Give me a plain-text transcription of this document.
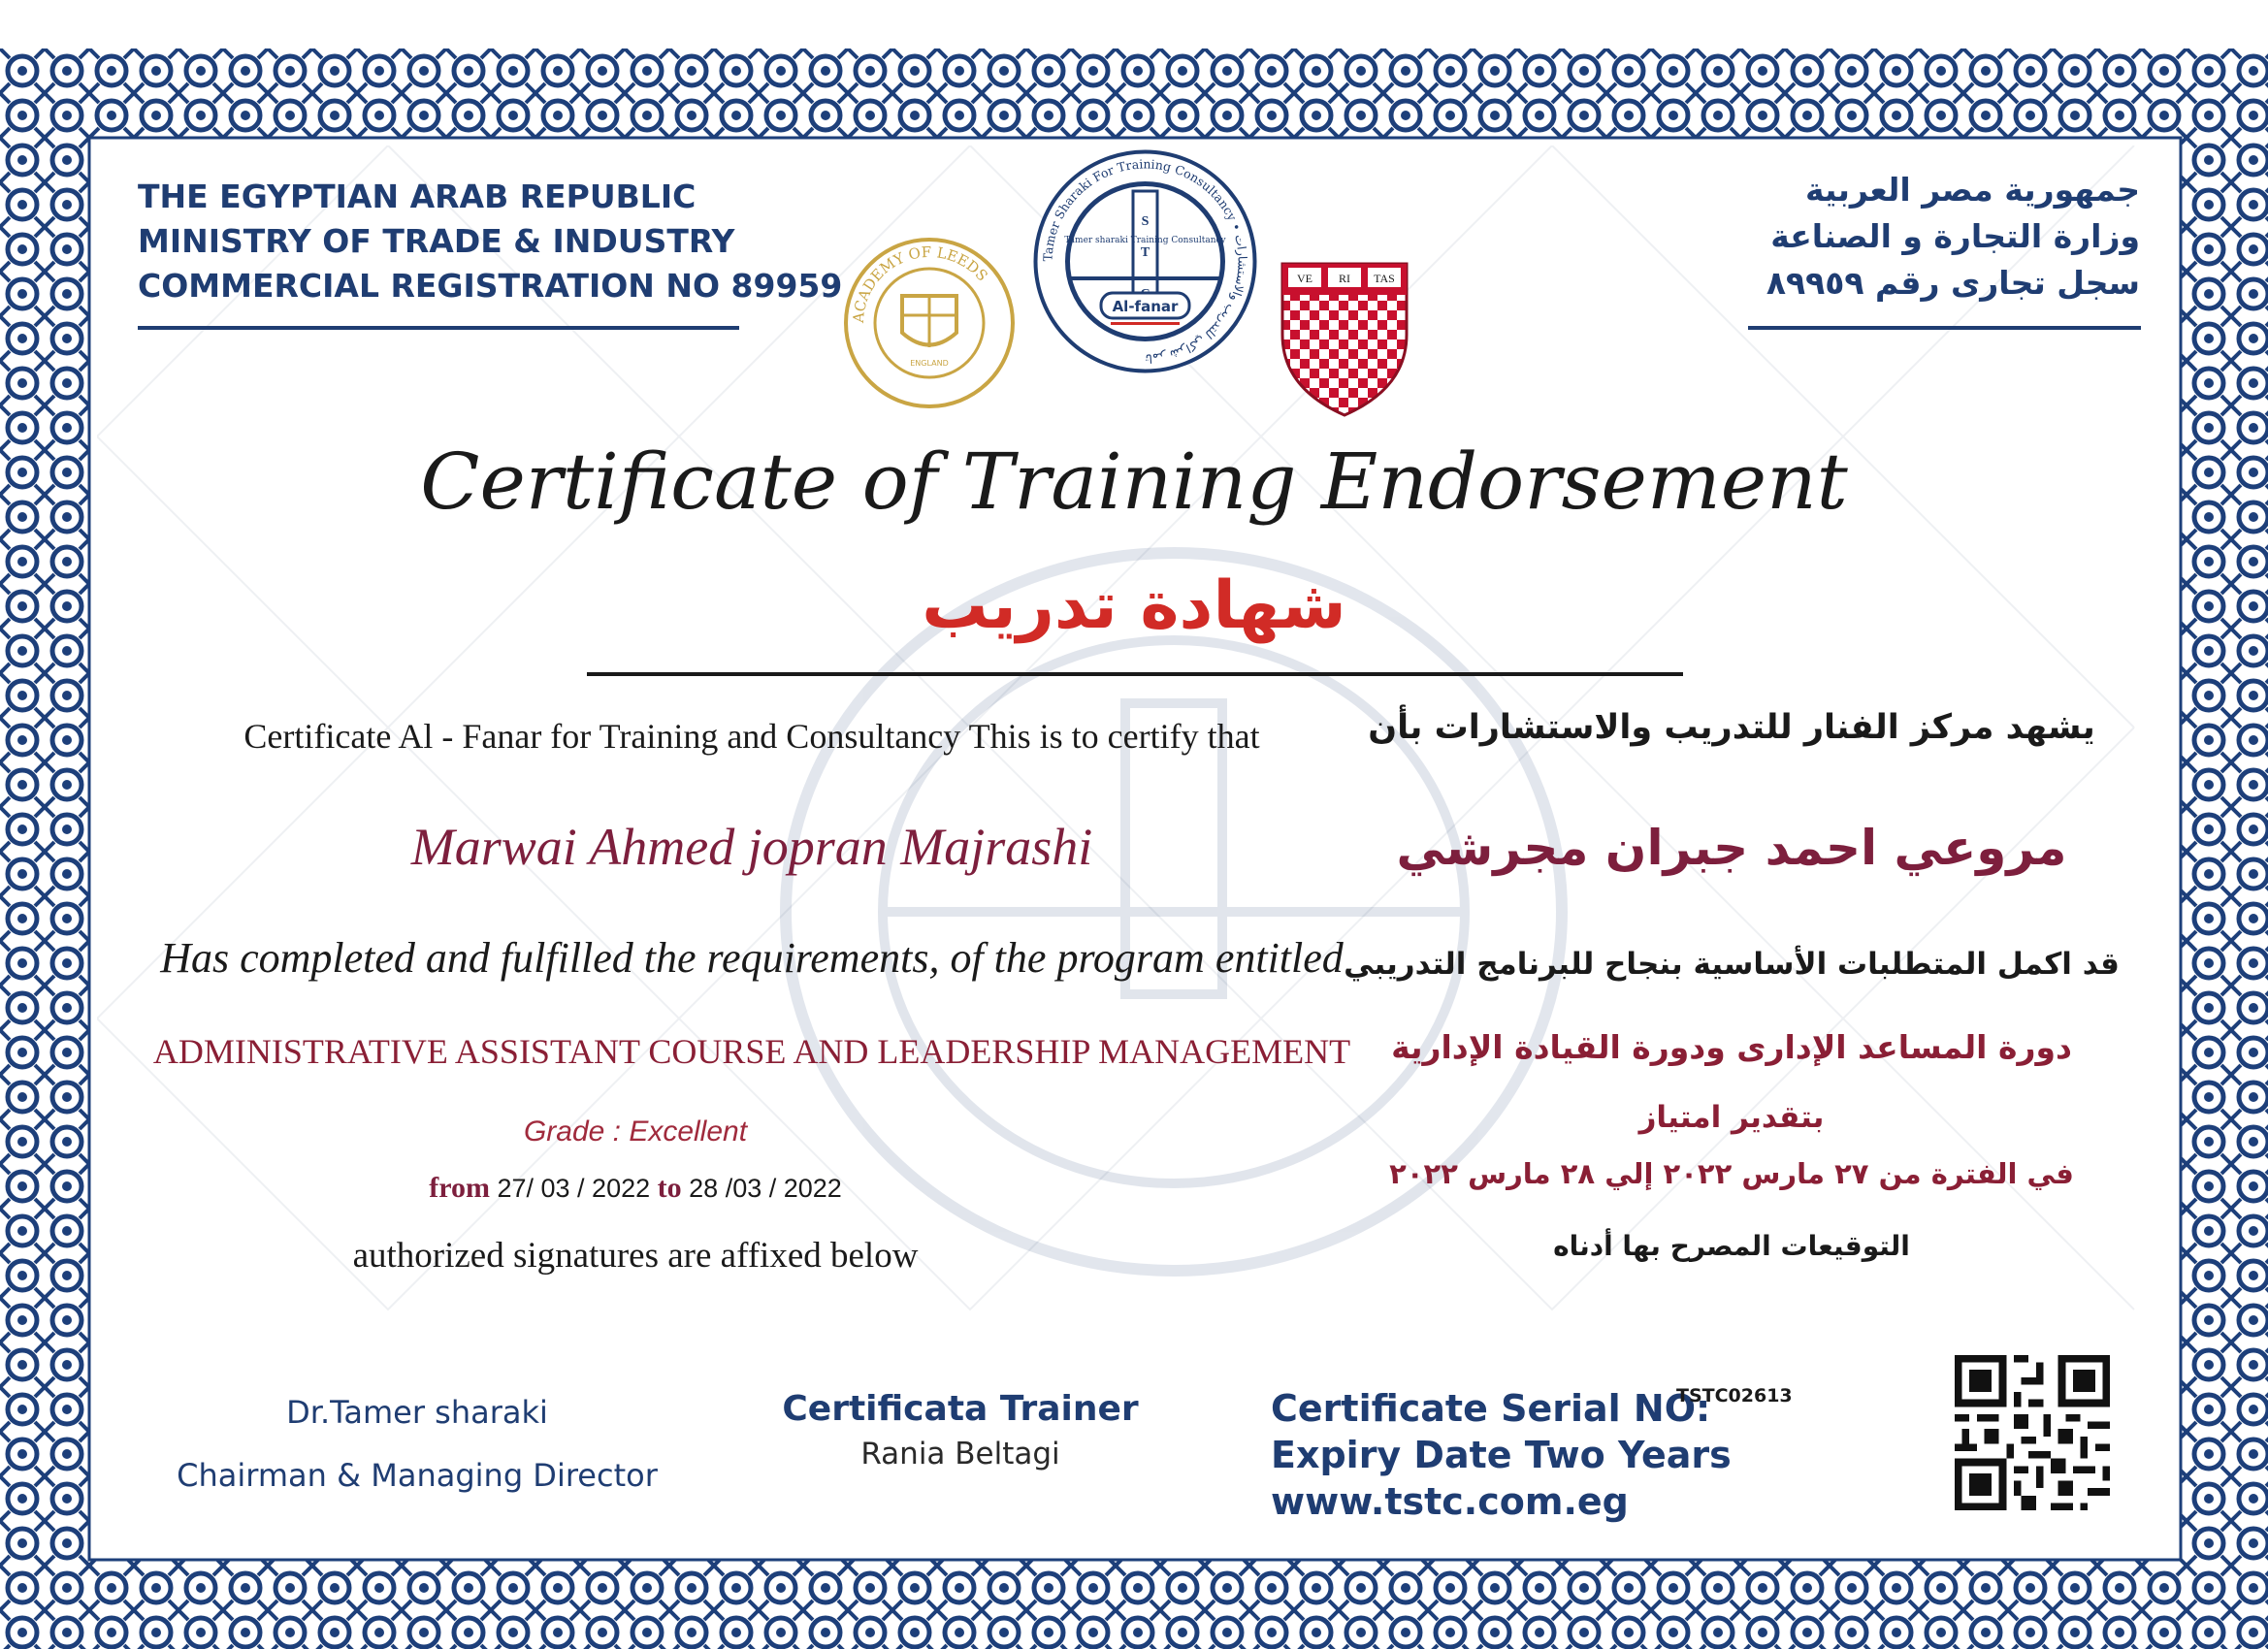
THE EGYPTIAN ARAB REPUBLIC
MINISTRY OF TRADE & INDUSTRY
COMMERCIAL REGISTRATION NO 89959
جمهورية مصر العربية
وزارة التجارة و الصناعة
سجل تجارى رقم ٨٩٩٥٩
ACADEMY OF LEEDS
ENGLAND
Tamer Sharaki For Training Consultancy • تامر شراكي للتدريب والاستشارات
S
T
Tamer sharaki Training Consultancy
Al-fanar
VE RI TAS
Certificate of Training Endorsement
شهادة تدريب
Certificate Al - Fanar for Training and Consultancy This is to certify that
Marwai Ahmed jopran Majrashi
Has completed and fulfilled the requirements, of the program entitled
ADMINISTRATIVE ASSISTANT COURSE AND LEADERSHIP MANAGEMENT
Grade : Excellent
from 27/ 03 / 2022 to 28 /03 / 2022
authorized signatures are affixed below
يشهد مركز الفنار للتدريب والاستشارات بأن
مروعي احمد جبران مجرشي
قد اكمل المتطلبات الأساسية بنجاح للبرنامج التدريبي
دورة المساعد الإدارى ودورة القيادة الإدارية
بتقدير امتياز
في الفترة من ٢٧ مارس ٢٠٢٢ إلي ٢٨ مارس ٢٠٢٢
التوقيعات المصرح بها أدناه
Dr.Tamer sharaki
Chairman & Managing Director
Certificata Trainer
Rania Beltagi
Certificate Serial NO:
Expiry Date Two Years
www.tstc.com.eg
TSTC02613
